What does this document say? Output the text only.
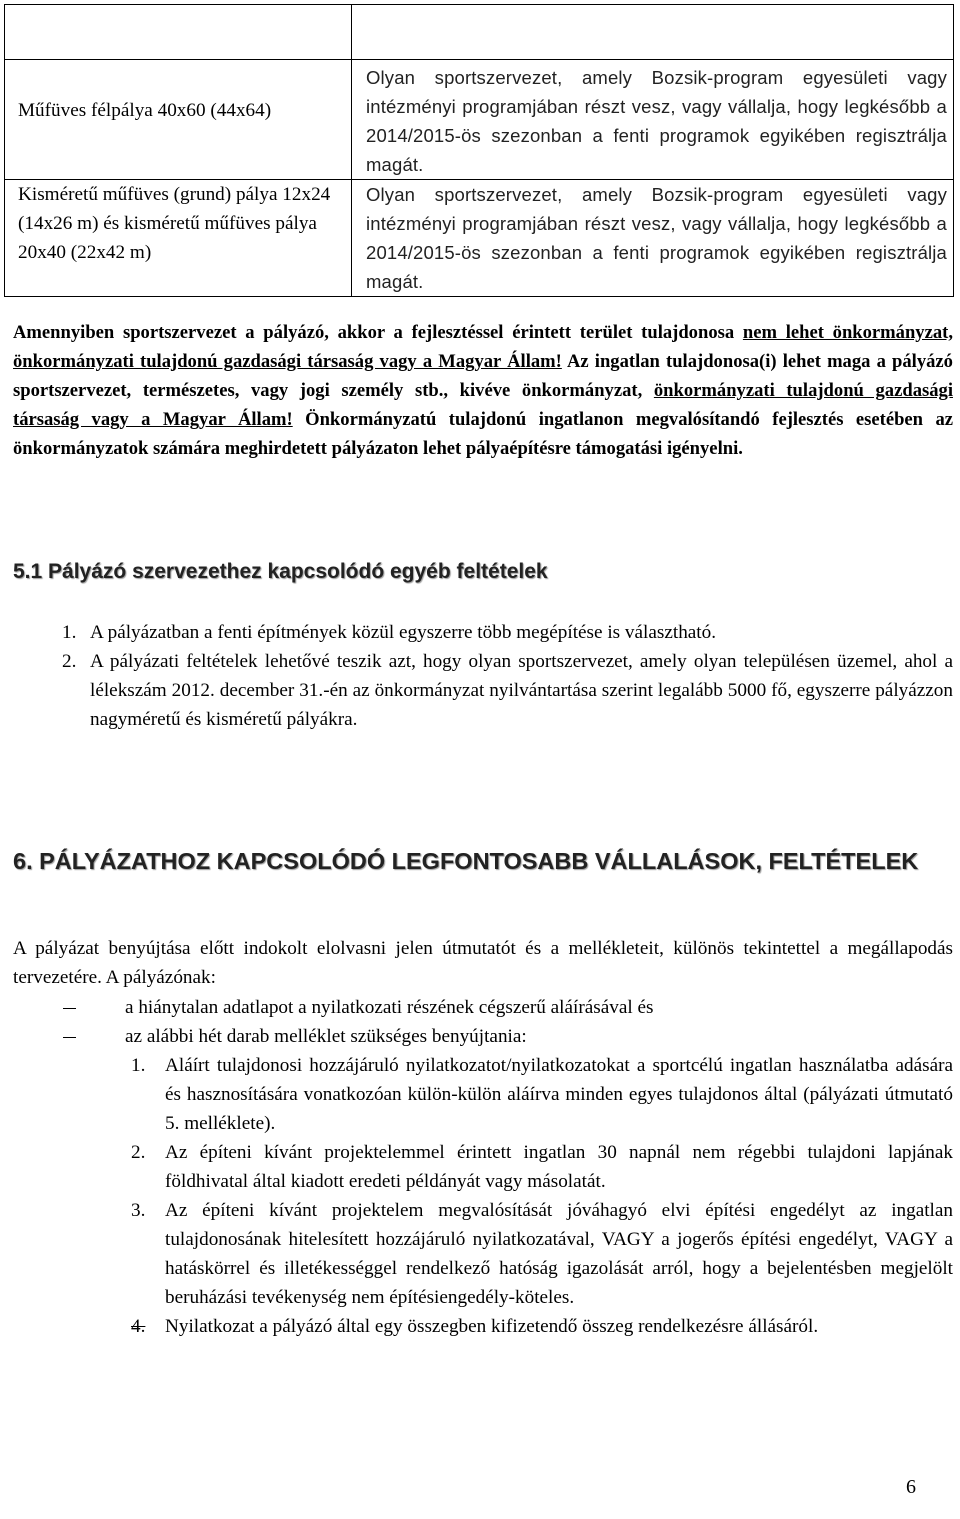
Műfüves félpálya 40x60 (44x64)	Olyan sportszervezet, amely Bozsik-program egyesületi vagy intézményi programjában részt vesz, vagy vállalja, hogy legkésőbb a 2014/2015-ös szezonban a fenti programok egyikében regisztrálja magát.

Kisméretű műfüves (grund) pálya 12x24 (14x26 m) és kisméretű műfüves pálya 20x40 (22x42 m)	Olyan sportszervezet, amely Bozsik-program egyesületi vagy intézményi programjában részt vesz, vagy vállalja, hogy legkésőbb a 2014/2015-ös szezonban a fenti programok egyikében regisztrálja magát.
Amennyiben sportszervezet a pályázó, akkor a fejlesztéssel érintett terület tulajdonosa nem lehet önkormányzat, önkormányzati tulajdonú gazdasági társaság vagy a Magyar Állam! Az ingatlan tulajdonosa(i) lehet maga a pályázó sportszervezet, természetes, vagy jogi személy stb., kivéve önkormányzat, önkormányzati tulajdonú gazdasági társaság vagy a Magyar Állam! Önkormányzatú tulajdonú ingatlanon megvalósítandó fejlesztés esetében az önkormányzatok számára meghirdetett pályázaton lehet pályaépítésre támogatási igényelni.
5.1 Pályázó szervezethez kapcsolódó egyéb feltételek
1. A pályázatban a fenti építmények közül egyszerre több megépítése is választható.
2. A pályázati feltételek lehetővé teszik azt, hogy olyan sportszervezet, amely olyan településen üzemel, ahol a lélekszám 2012. december 31.-én az önkormányzat nyilvántartása szerint legalább 5000 fő, egyszerre pályázzon nagyméretű és kisméretű pályákra.
6. PÁLYÁZATHOZ KAPCSOLÓDÓ LEGFONTOSABB VÁLLALÁSOK, FELTÉTELEK
A pályázat benyújtása előtt indokolt elolvasni jelen útmutatót és a mellékleteit, különös tekintettel a megállapodás tervezetére. A pályázónak:
a hiánytalan adatlapot a nyilatkozati részének cégszerű aláírásával és
az alábbi hét darab melléklet szükséges benyújtania:
1. Aláírt tulajdonosi hozzájáruló nyilatkozatot/nyilatkozatokat a sportcélú ingatlan használatba adására és hasznosítására vonatkozóan külön-külön aláírva minden egyes tulajdonos által (pályázati útmutató 5. melléklete).
2. Az építeni kívánt projektelemmel érintett ingatlan 30 napnál nem régebbi tulajdoni lapjának földhivatal által kiadott eredeti példányát vagy másolatát.
3. Az építeni kívánt projektelem megvalósítását jóváhagyó elvi építési engedélyt az ingatlan tulajdonosának hitelesített hozzájáruló nyilatkozatával, VAGY a jogerős építési engedélyt, VAGY a hatáskörrel és illetékességgel rendelkező hatóság igazolását arról, hogy a bejelentésben megjelölt beruházási tevékenység nem építésiengedély-köteles.
4. Nyilatkozat a pályázó által egy összegben kifizetendő összeg rendelkezésre állásáról.
6
